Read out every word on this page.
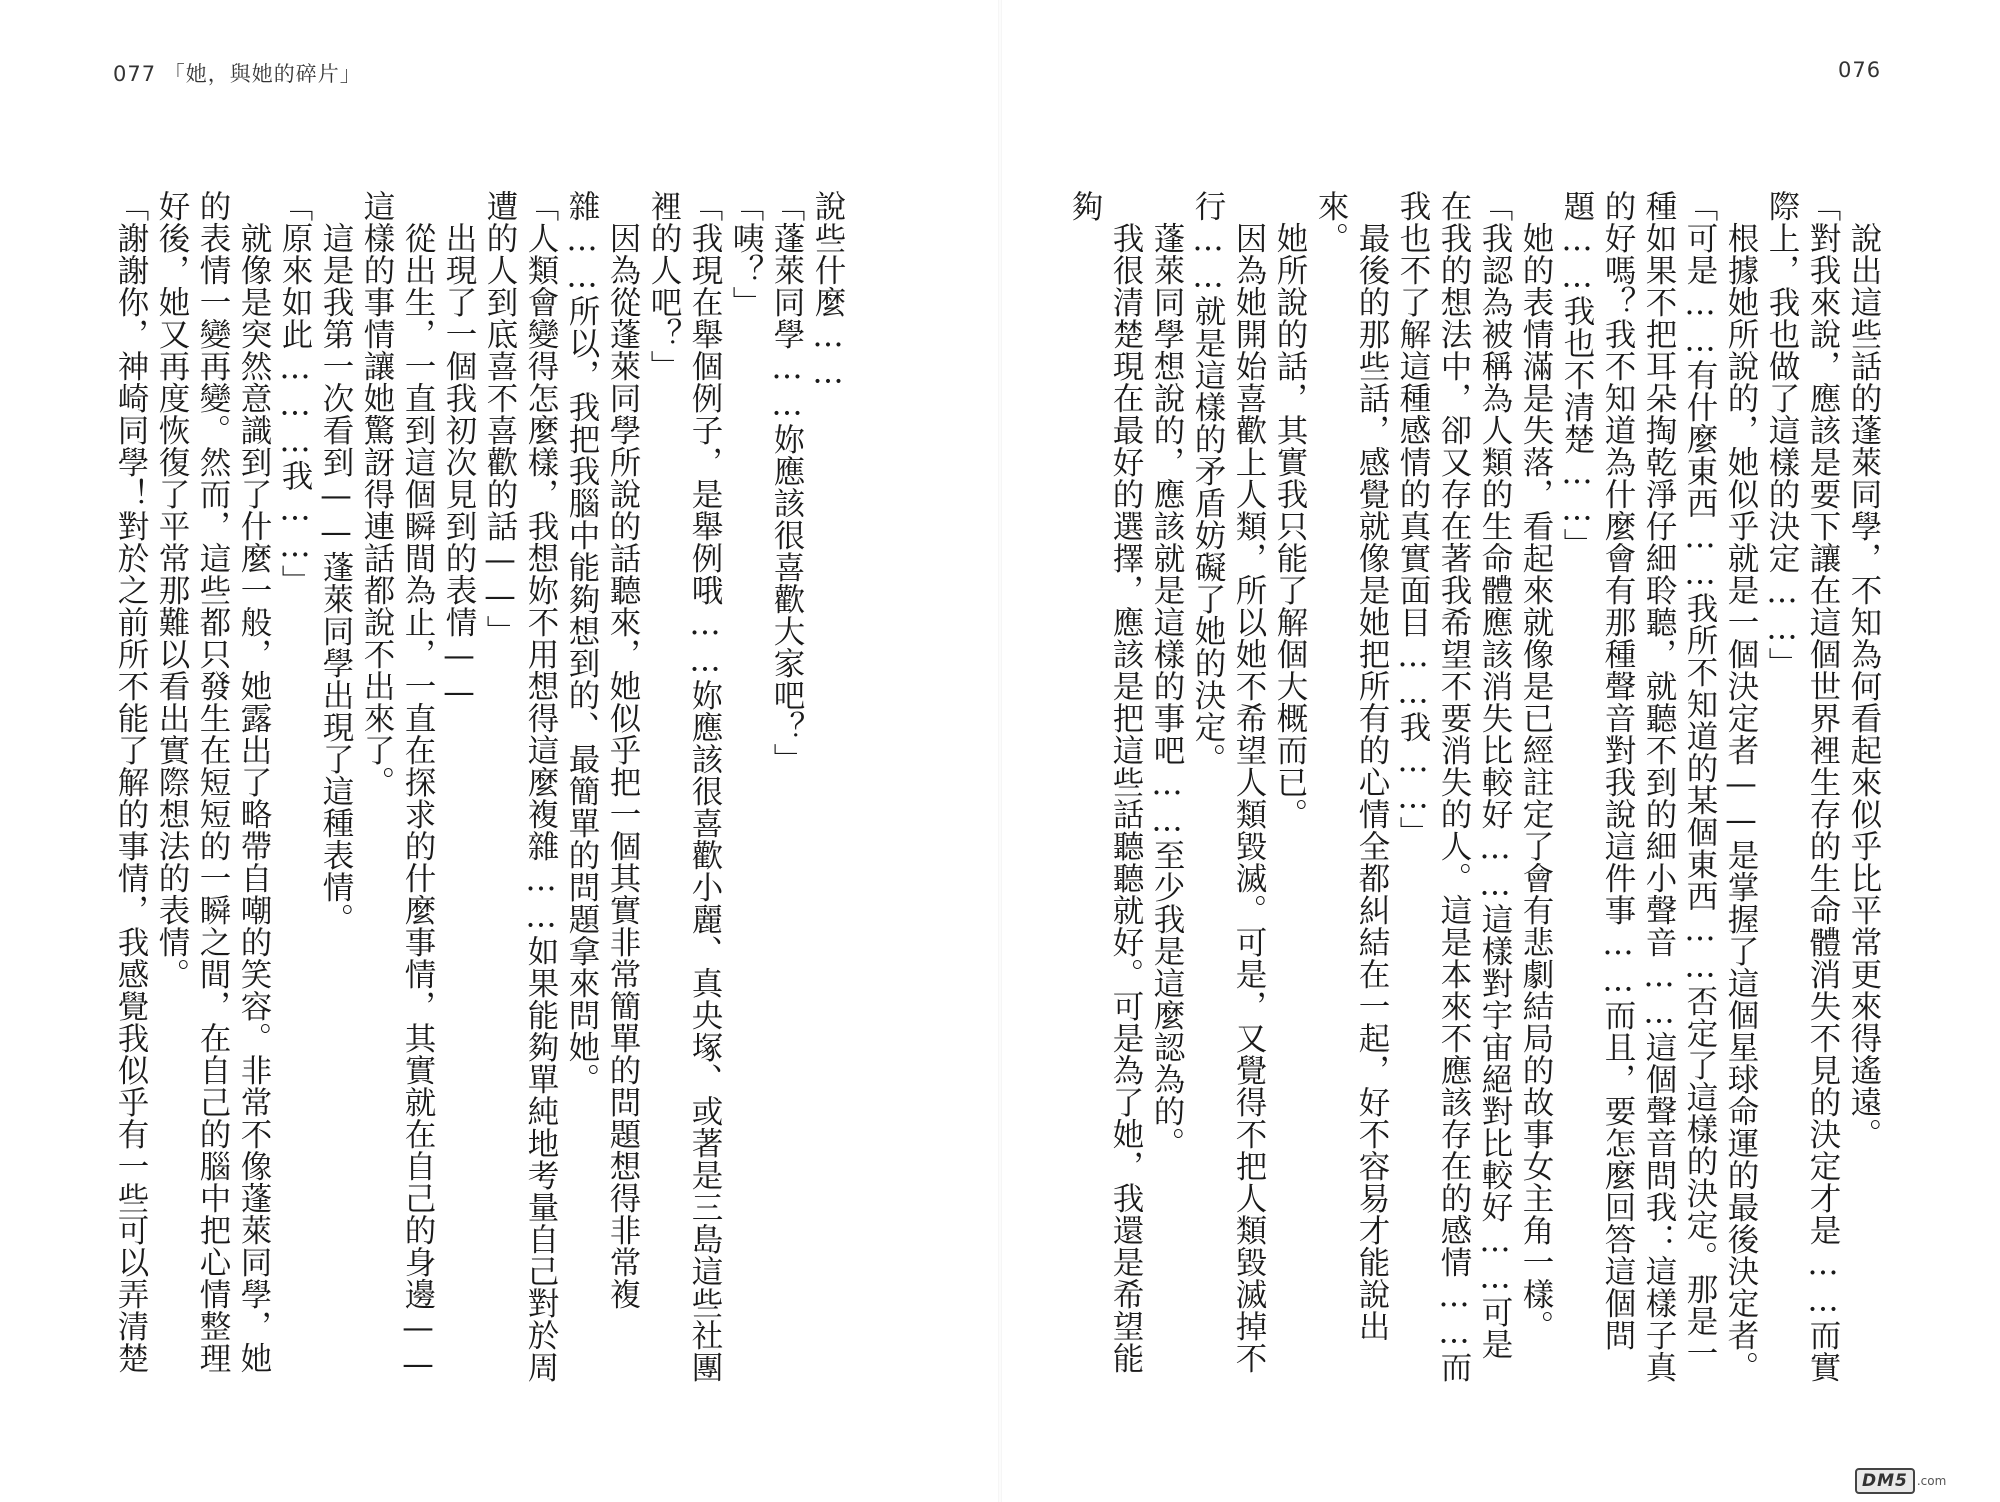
077 「她，與她的碎片」	076

說出這些話的蓬萊同學，不知為何看起來似乎比平常更來得遙遠。

「對我來說，應該是要下讓在這個世界裡生存的生命體消失不見的決定才是……而實際上，我也做了這樣的決定……」

根據她所說的，她似乎就是一個決定者——是掌握了這個星球命運的最後決定者。

「可是……有什麼東西……我所不知道的某個東西……否定了這樣的決定。那是一種如果不把耳朵掏乾淨仔細聆聽，就聽不到的細小聲音……這個聲音問我：這樣子真的好嗎？我不知道為什麼會有那種聲音對我說這件事……而且，要怎麼回答這個問題……我也不清楚……」

她的表情滿是失落，看起來就像是已經註定了會有悲劇結局的故事女主角一樣。

「我認為被稱為人類的生命體應該消失比較好……這樣對宇宙絕對比較好……可是在我的想法中，卻又存在著我希望不要消失的人。這是本來不應該存在的感情……而我也不了解這種感情的真實面目……我……」

最後的那些話，感覺就像是她把所有的心情全都糾結在一起，好不容易才能說出來。

她所說的話，其實我只能了解個大概而已。

因為她開始喜歡上人類，所以她不希望人類毀滅。可是，又覺得不把人類毀滅掉不行……就是這樣的矛盾妨礙了她的決定。

蓬萊同學想說的，應該就是這樣的事吧……至少我是這麼認為的。

我很清楚現在最好的選擇，應該是把這些話聽聽就好。可是為了她，我還是希望能夠

說些什麼……

「蓬萊同學……妳應該很喜歡大家吧？」

「咦？」

「我現在舉個例子，是舉例哦……妳應該很喜歡小麗、真央塚、或著是三島這些社團裡的人吧？」

因為從蓬萊同學所說的話聽來，她似乎把一個其實非常簡單的問題想得非常複雜……所以，我把我腦中能夠想到的、最簡單的問題拿來問她。

「人類會變得怎麼樣，我想妳不用想得這麼複雜……如果能夠單純地考量自己對於周遭的人到底喜不喜歡的話——」

出現了一個我初次見到的表情——

從出生，一直到這個瞬間為止，一直在探求的什麼事情，其實就在自己的身邊——這樣的事情讓她驚訝得連話都說不出來了。

這是我第一次看到——蓬萊同學出現了這種表情。

「原來如此………我……」

就像是突然意識到了什麼一般，她露出了略帶自嘲的笑容。非常不像蓬萊同學，她的表情一變再變。然而，這些都只發生在短短的一瞬之間，在自己的腦中把心情整理好後，她又再度恢復了平常那難以看出實際想法的表情。

「謝謝你，神崎同學！對於之前所不能了解的事情，我感覺我似乎有一些可以弄清楚

DM5 .com
